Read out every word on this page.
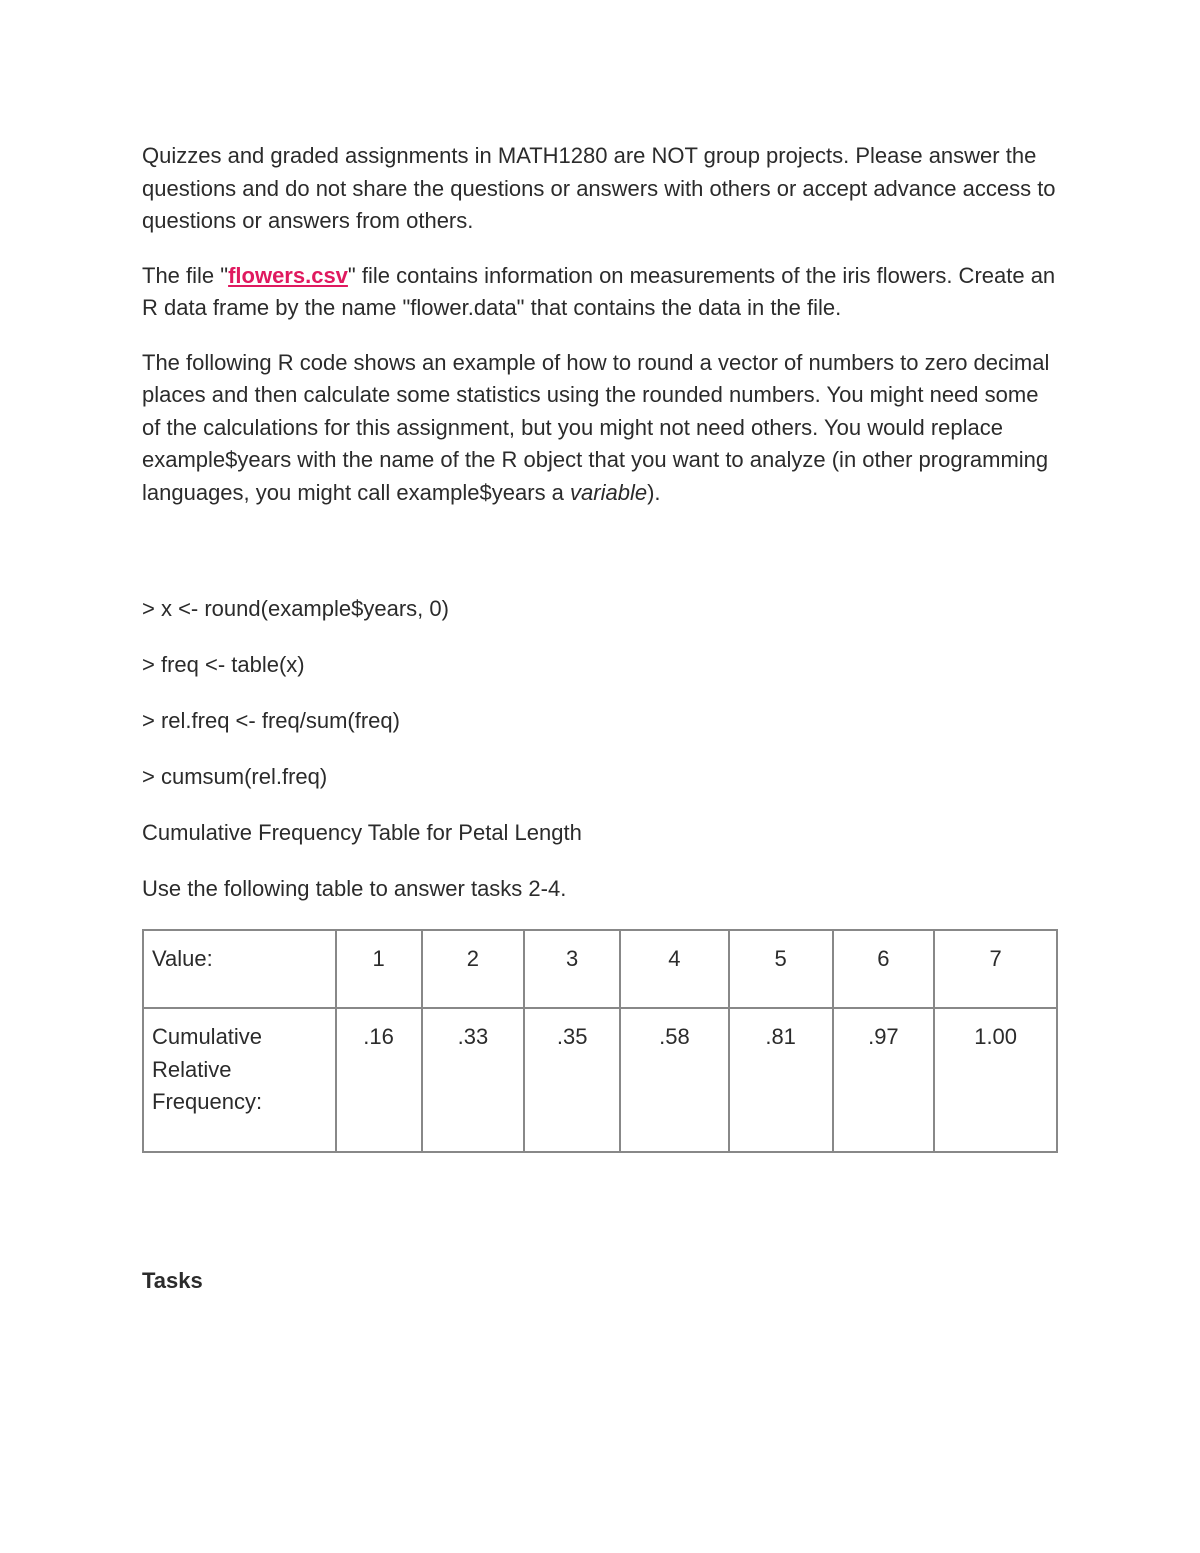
Quizzes and graded assignments in MATH1280 are NOT group projects. Please answer the questions and do not share the questions or answers with others or accept advance access to questions or answers from others.

The file "flowers.csv" file contains information on measurements of the iris flowers. Create an R data frame by the name "flower.data" that contains the data in the file.

The following R code shows an example of how to round a vector of numbers to zero decimal places and then calculate some statistics using the rounded numbers. You might need some of the calculations for this assignment, but you might not need others. You would replace example$years with the name of the R object that you want to analyze (in other programming languages, you might call example$years a variable).

> x <- round(example$years, 0)
> freq <- table(x)
> rel.freq <- freq/sum(freq)
> cumsum(rel.freq)
Cumulative Frequency Table for Petal Length
Use the following table to answer tasks 2-4.
Value:	1	2	3	4	5	6	7
Cumulative Relative Frequency:	.16	.33	.35	.58	.81	.97	1.00
Tasks
